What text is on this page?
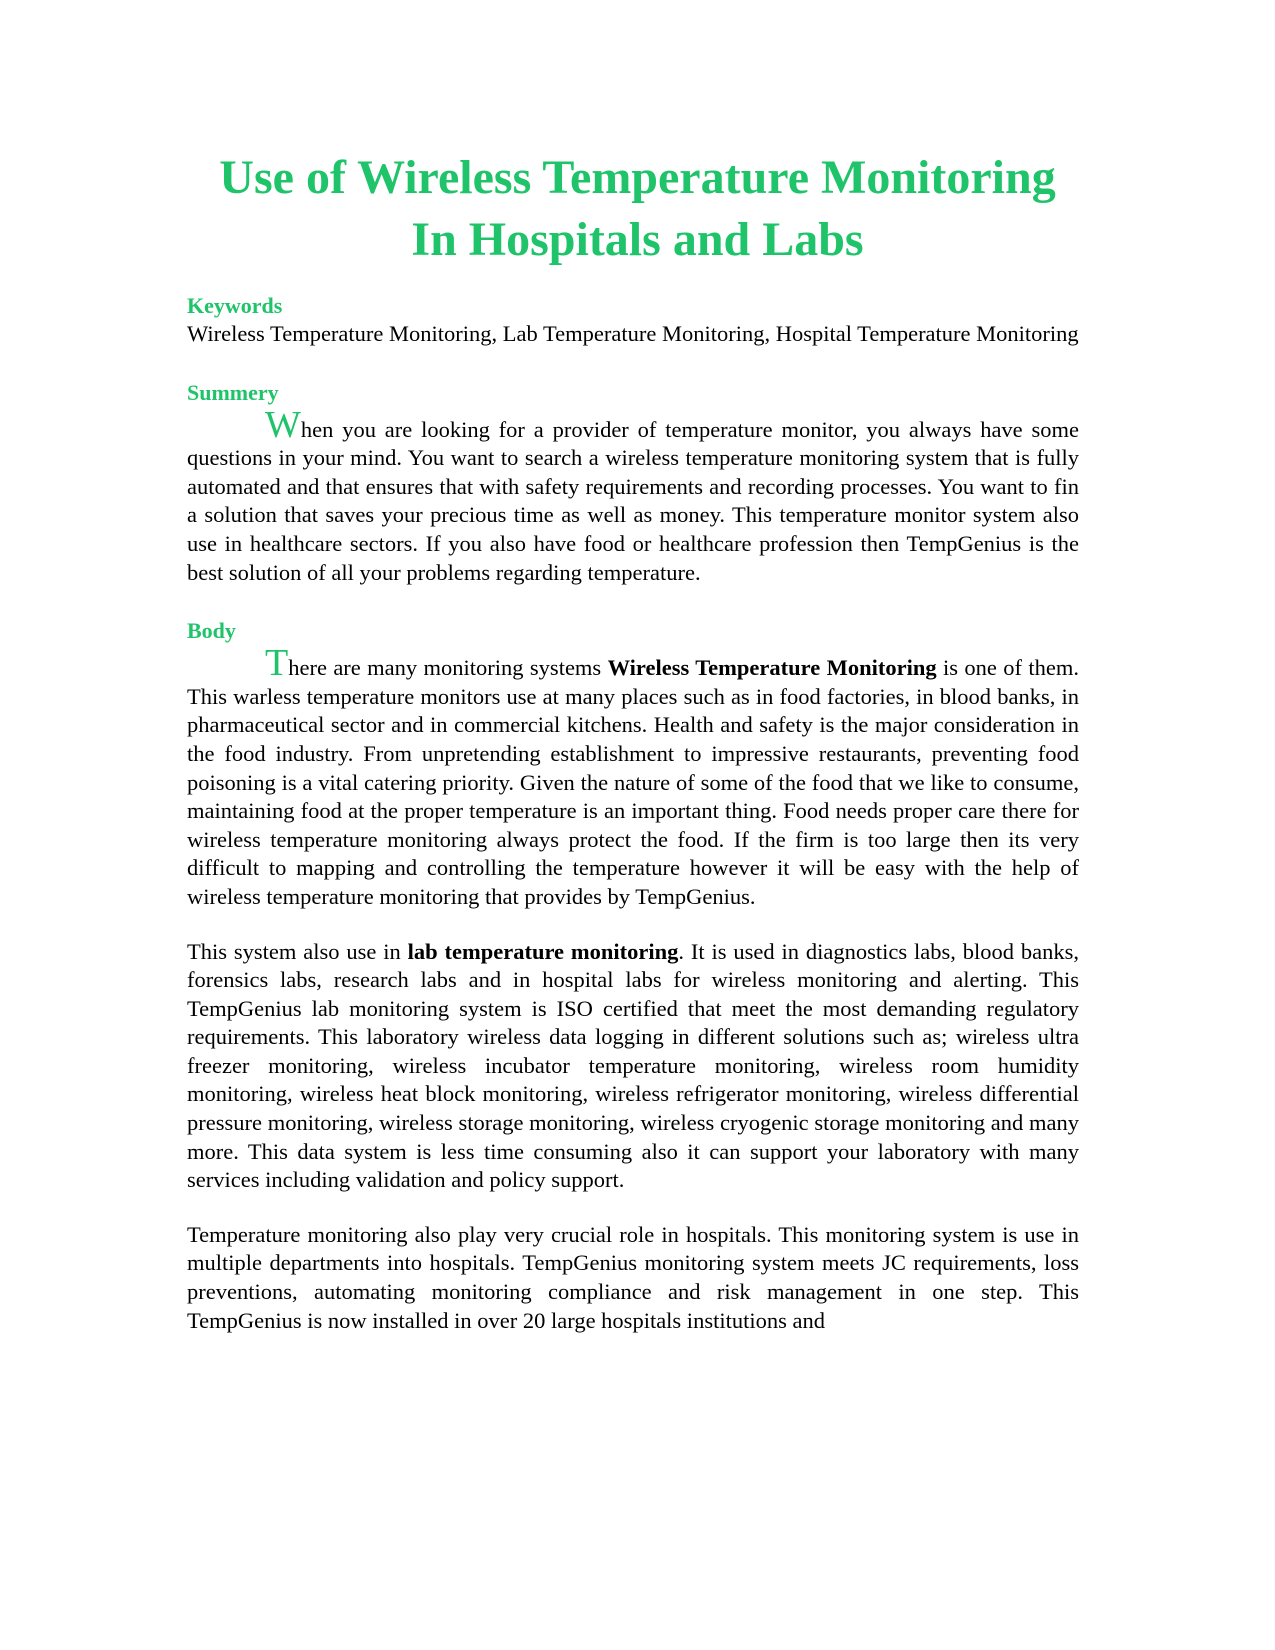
Use of Wireless Temperature Monitoring
In Hospitals and Labs
Keywords

Wireless Temperature Monitoring, Lab Temperature Monitoring, Hospital Temperature Monitoring

Summery

When you are looking for a provider of temperature monitor, you always have some questions in your mind. You want to search a wireless temperature monitoring system that is fully automated and that ensures that with safety requirements and recording processes. You want to fin a solution that saves your precious time as well as money. This temperature monitor system also use in healthcare sectors. If you also have food or healthcare profession then TempGenius is the best solution of all your problems regarding temperature.

Body

There are many monitoring systems Wireless Temperature Monitoring is one of them. This warless temperature monitors use at many places such as in food factories, in blood banks, in pharmaceutical sector and in commercial kitchens. Health and safety is the major consideration in the food industry. From unpretending establishment to impressive restaurants, preventing food poisoning is a vital catering priority. Given the nature of some of the food that we like to consume, maintaining food at the proper temperature is an important thing. Food needs proper care there for wireless temperature monitoring always protect the food. If the firm is too large then its very difficult to mapping and controlling the temperature however it will be easy with the help of wireless temperature monitoring that provides by TempGenius.

This system also use in lab temperature monitoring. It is used in diagnostics labs, blood banks, forensics labs, research labs and in hospital labs for wireless monitoring and alerting. This TempGenius lab monitoring system is ISO certified that meet the most demanding regulatory requirements. This laboratory wireless data logging in different solutions such as; wireless ultra freezer monitoring, wireless incubator temperature monitoring, wireless room humidity monitoring, wireless heat block monitoring, wireless refrigerator monitoring, wireless differential pressure monitoring, wireless storage monitoring, wireless cryogenic storage monitoring and many more. This data system is less time consuming also it can support your laboratory with many services including validation and policy support.

Temperature monitoring also play very crucial role in hospitals. This monitoring system is use in multiple departments into hospitals. TempGenius monitoring system meets JC requirements, loss preventions, automating monitoring compliance and risk management in one step. This TempGenius is now installed in over 20 large hospitals institutions and
